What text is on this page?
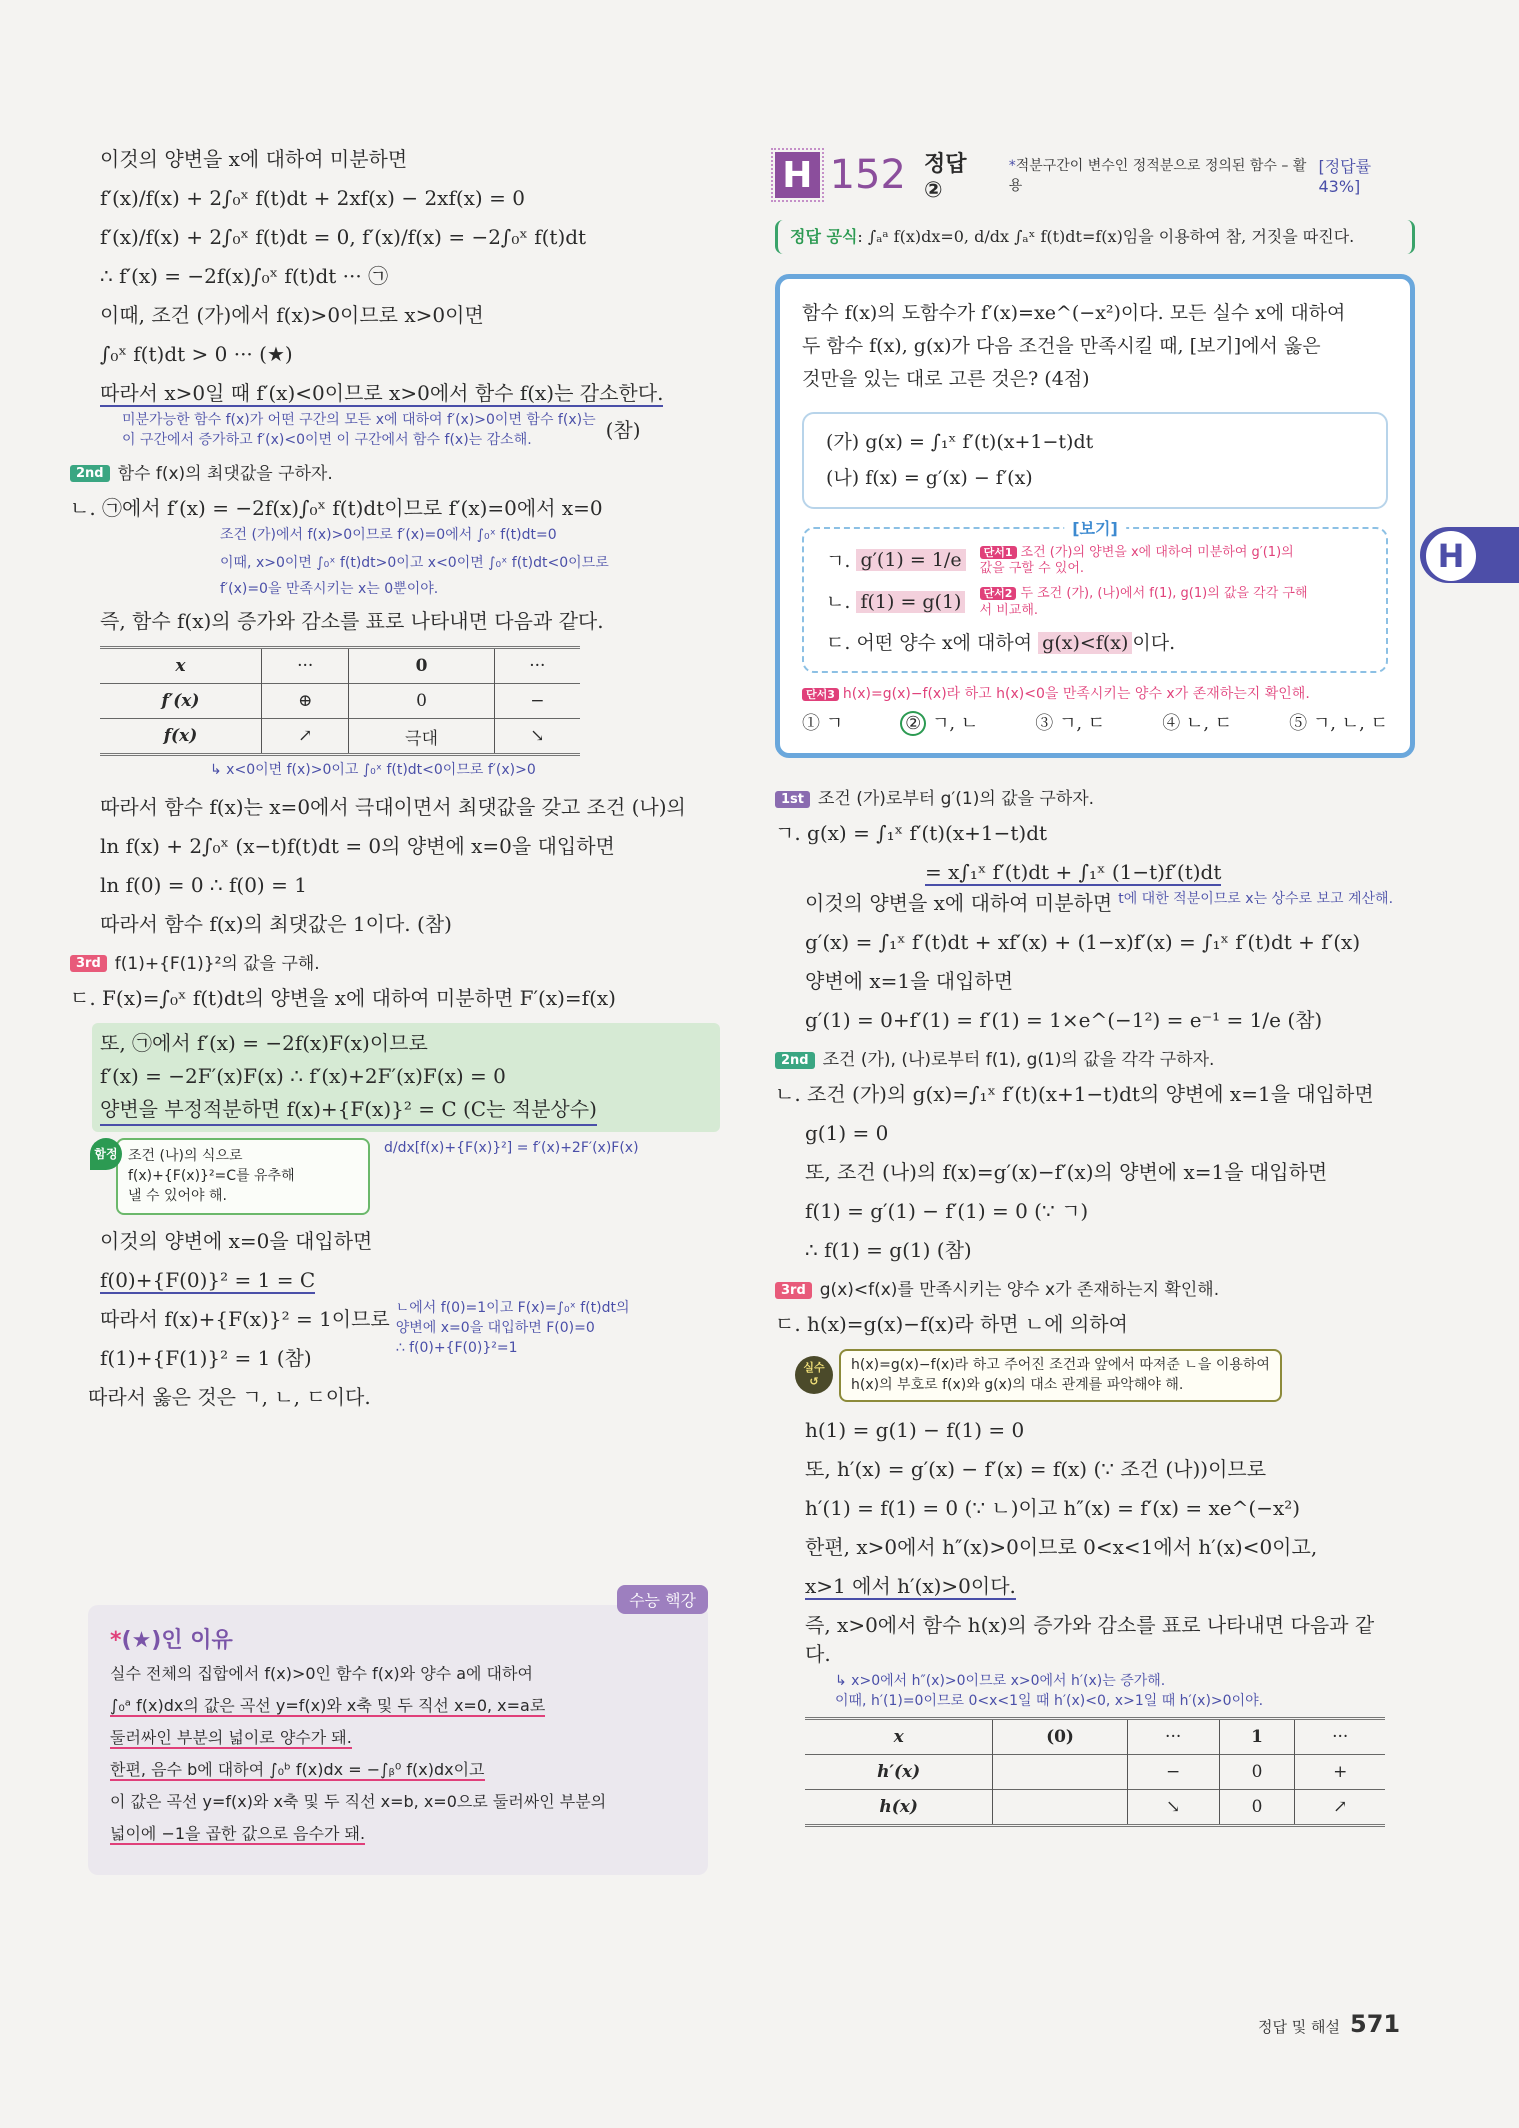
H
이것의 양변을 x에 대하여 미분하면
f′(x)/f(x) + 2∫₀ˣ f(t)dt + 2xf(x) − 2xf(x) = 0
f′(x)/f(x) + 2∫₀ˣ f(t)dt = 0, f′(x)/f(x) = −2∫₀ˣ f(t)dt
∴ f′(x) = −2f(x)∫₀ˣ f(t)dt ··· ㉠
이때, 조건 (가)에서 f(x)>0이므로 x>0이면
∫₀ˣ f(t)dt > 0 ··· (★)
따라서 x>0일 때 f′(x)<0이므로 x>0에서 함수 f(x)는 감소한다.
미분가능한 함수 f(x)가 어떤 구간의 모든 x에 대하여 f′(x)>0이면 함수 f(x)는
이 구간에서 증가하고 f′(x)<0이면 이 구간에서 함수 f(x)는 감소해.	(참)
2nd 함수 f(x)의 최댓값을 구하자.
ㄴ. ㉠에서 f′(x) = −2f(x)∫₀ˣ f(t)dt이므로 f′(x)=0에서 x=0
조건 (가)에서 f(x)>0이므로 f′(x)=0에서 ∫₀ˣ f(t)dt=0
이때, x>0이면 ∫₀ˣ f(t)dt>0이고 x<0이면 ∫₀ˣ f(t)dt<0이므로
f′(x)=0을 만족시키는 x는 0뿐이야.
즉, 함수 f(x)의 증가와 감소를 표로 나타내면 다음과 같다.
x	···	0	···
f′(x)	⊕	0	−
f(x)	↗	극대	↘
↳ x<0이면 f(x)>0이고 ∫₀ˣ f(t)dt<0이므로 f′(x)>0
따라서 함수 f(x)는 x=0에서 극대이면서 최댓값을 갖고 조건 (나)의
ln f(x) + 2∫₀ˣ (x−t)f(t)dt = 0의 양변에 x=0을 대입하면
ln f(0) = 0 ∴ f(0) = 1
따라서 함수 f(x)의 최댓값은 1이다. (참)
3rd f(1)+{F(1)}²의 값을 구해.
ㄷ. F(x)=∫₀ˣ f(t)dt의 양변을 x에 대하여 미분하면 F′(x)=f(x)
또, ㉠에서 f′(x) = −2f(x)F(x)이므로
f′(x) = −2F′(x)F(x) ∴ f′(x)+2F′(x)F(x) = 0
양변을 부정적분하면 f(x)+{F(x)}² = C (C는 적분상수)
함정 조건 (나)의 식으로
f(x)+{F(x)}²=C를 유추해
낼 수 있어야 해.
d/dx[f(x)+{F(x)}²] = f′(x)+2F′(x)F(x)
이것의 양변에 x=0을 대입하면
f(0)+{F(0)}² = 1 = C
따라서 f(x)+{F(x)}² = 1이므로
f(1)+{F(1)}² = 1 (참)
ㄴ에서 f(0)=1이고 F(x)=∫₀ˣ f(t)dt의
양변에 x=0을 대입하면 F(0)=0
∴ f(0)+{F(0)}²=1
따라서 옳은 것은 ㄱ, ㄴ, ㄷ이다.
수능 핵강
*(★)인 이유
실수 전체의 집합에서 f(x)>0인 함수 f(x)와 양수 a에 대하여
∫₀ᵃ f(x)dx의 값은 곡선 y=f(x)와 x축 및 두 직선 x=0, x=a로
둘러싸인 부분의 넓이로 양수가 돼.
한편, 음수 b에 대하여 ∫₀ᵇ f(x)dx = −∫ᵦ⁰ f(x)dx이고
이 값은 곡선 y=f(x)와 x축 및 두 직선 x=b, x=0으로 둘러싸인 부분의
넓이에 −1을 곱한 값으로 음수가 돼.
H 152 정답 ②
*적분구간이 변수인 정적분으로 정의된 함수 – 활용
[정답률 43%]
정답 공식: ∫ₐᵃ f(x)dx=0, d/dx ∫ₐˣ f(t)dt=f(x)임을 이용하여 참, 거짓을 따진다.
함수 f(x)의 도함수가 f′(x)=xe^(−x²)이다. 모든 실수 x에 대하여
두 함수 f(x), g(x)가 다음 조건을 만족시킬 때, [보기]에서 옳은
것만을 있는 대로 고른 것은? (4점)
(가) g(x) = ∫₁ˣ f′(t)(x+1−t)dt
(나) f(x) = g′(x) − f′(x)
[보기]
ㄱ. g′(1) = 1/e 단서1 조건 (가)의 양변을 x에 대하여 미분하여 g′(1)의 값을 구할 수 있어.
ㄴ. f(1) = g(1) 단서2 두 조건 (가), (나)에서 f(1), g(1)의 값을 각각 구해서 비교해.
ㄷ. 어떤 양수 x에 대하여 g(x)<f(x) 이다.
단서3 h(x)=g(x)−f(x)라 하고 h(x)<0을 만족시키는 양수 x가 존재하는지 확인해.
① ㄱ	② ㄱ, ㄴ	③ ㄱ, ㄷ	④ ㄴ, ㄷ	⑤ ㄱ, ㄴ, ㄷ
1st 조건 (가)로부터 g′(1)의 값을 구하자.
ㄱ. g(x) = ∫₁ˣ f′(t)(x+1−t)dt
= x∫₁ˣ f′(t)dt + ∫₁ˣ (1−t)f′(t)dt
이것의 양변을 x에 대하여 미분하면 t에 대한 적분이므로 x는 상수로 보고 계산해.
g′(x) = ∫₁ˣ f′(t)dt + xf′(x) + (1−x)f′(x) = ∫₁ˣ f′(t)dt + f′(x)
양변에 x=1을 대입하면
g′(1) = 0+f′(1) = f′(1) = 1×e^(−1²) = e⁻¹ = 1/e (참)
2nd 조건 (가), (나)로부터 f(1), g(1)의 값을 각각 구하자.
ㄴ. 조건 (가)의 g(x)=∫₁ˣ f′(t)(x+1−t)dt의 양변에 x=1을 대입하면
g(1) = 0
또, 조건 (나)의 f(x)=g′(x)−f′(x)의 양변에 x=1을 대입하면
f(1) = g′(1) − f′(1) = 0 (∵ ㄱ)
∴ f(1) = g(1) (참)
3rd g(x)<f(x)를 만족시키는 양수 x가 존재하는지 확인해.
ㄷ. h(x)=g(x)−f(x)라 하면 ㄴ에 의하여
실수
↺
h(x)=g(x)−f(x)라 하고 주어진 조건과 앞에서 따져준 ㄴ을 이용하여
h(x)의 부호로 f(x)와 g(x)의 대소 관계를 파악해야 해.
h(1) = g(1) − f(1) = 0
또, h′(x) = g′(x) − f′(x) = f(x) (∵ 조건 (나))이므로
h′(1) = f(1) = 0 (∵ ㄴ)이고 h″(x) = f′(x) = xe^(−x²)
한편, x>0에서 h″(x)>0이므로 0<x<1에서 h′(x)<0이고,
x>1 에서 h′(x)>0이다.
즉, x>0에서 함수 h(x)의 증가와 감소를 표로 나타내면 다음과 같다.
↳ x>0에서 h″(x)>0이므로 x>0에서 h′(x)는 증가해.
이때, h′(1)=0이므로 0<x<1일 때 h′(x)<0, x>1일 때 h′(x)>0이야.
x	(0)	···	1	···
h′(x)		−	0	+
h(x)		↘	0	↗
정답 및 해설 571
